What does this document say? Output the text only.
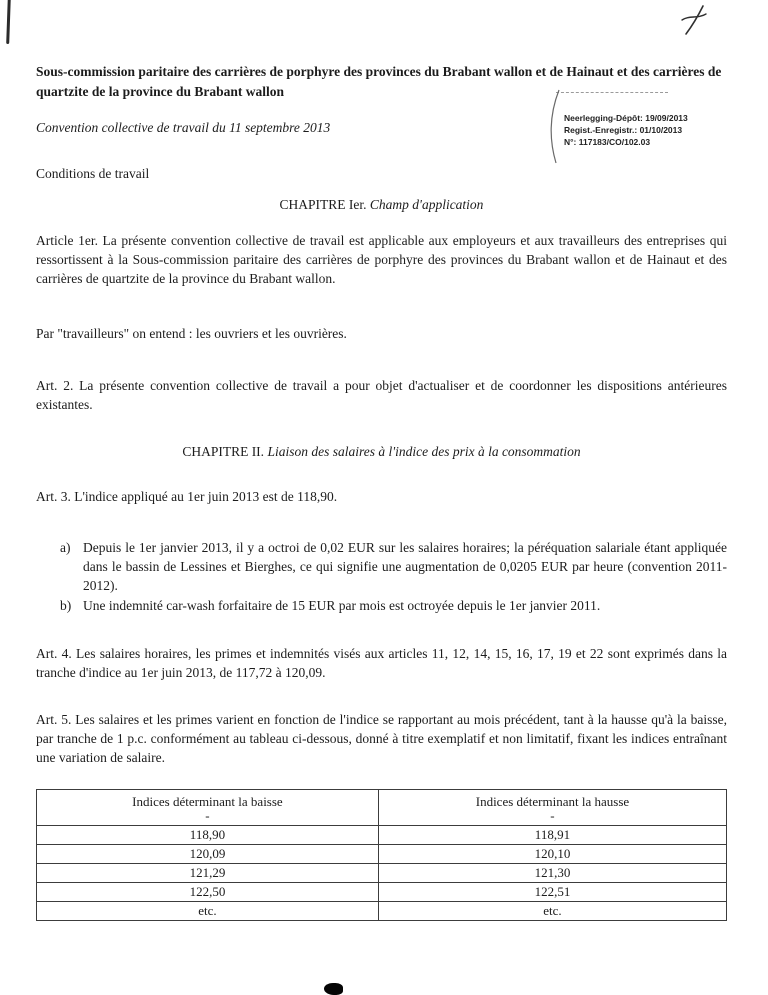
Neerlegging-Dépôt: 19/09/2013
Regist.-Enregistr.: 01/10/2013
N°: 117183/CO/102.03
Sous-commission paritaire des carrières de porphyre des provinces du Brabant wallon et de Hainaut et des carrières de quartzite de la province du Brabant wallon
Convention collective de travail du 11 septembre 2013
Conditions de travail
CHAPITRE Ier. Champ d'application

Article 1er. La présente convention collective de travail est applicable aux employeurs et aux travailleurs des entreprises qui ressortissent à la Sous-commission paritaire des carrières de porphyre des provinces du Brabant wallon et de Hainaut et des carrières de quartzite de la province du Brabant wallon.

Par "travailleurs" on entend : les ouvriers et les ouvrières.

Art. 2. La présente convention collective de travail a pour objet d'actualiser et de coordonner les dispositions antérieures existantes.

CHAPITRE II. Liaison des salaires à l'indice des prix à la consommation

Art. 3. L'indice appliqué au 1er juin 2013 est de 118,90.

a) Depuis le 1er janvier 2013, il y a octroi de 0,02 EUR sur les salaires horaires; la péréquation salariale étant appliquée dans le bassin de Lessines et Bierghes, ce qui signifie une augmentation de 0,0205 EUR par heure (convention 2011-2012).
b) Une indemnité car-wash forfaitaire de 15 EUR par mois est octroyée depuis le 1er janvier 2011.

Art. 4. Les salaires horaires, les primes et indemnités visés aux articles 11, 12, 14, 15, 16, 17, 19 et 22 sont exprimés dans la tranche d'indice au 1er juin 2013, de 117,72 à 120,09.

Art. 5. Les salaires et les primes varient en fonction de l'indice se rapportant au mois précédent, tant à la hausse qu'à la baisse, par tranche de 1 p.c. conformément au tableau ci-dessous, donné à titre exemplatif et non limitatif, fixant les indices entraînant une variation de salaire.

Indices déterminant la baisse	Indices déterminant la hausse
-	-
118,90	118,91
120,09	120,10
121,29	121,30
122,50	122,51
etc.	etc.
